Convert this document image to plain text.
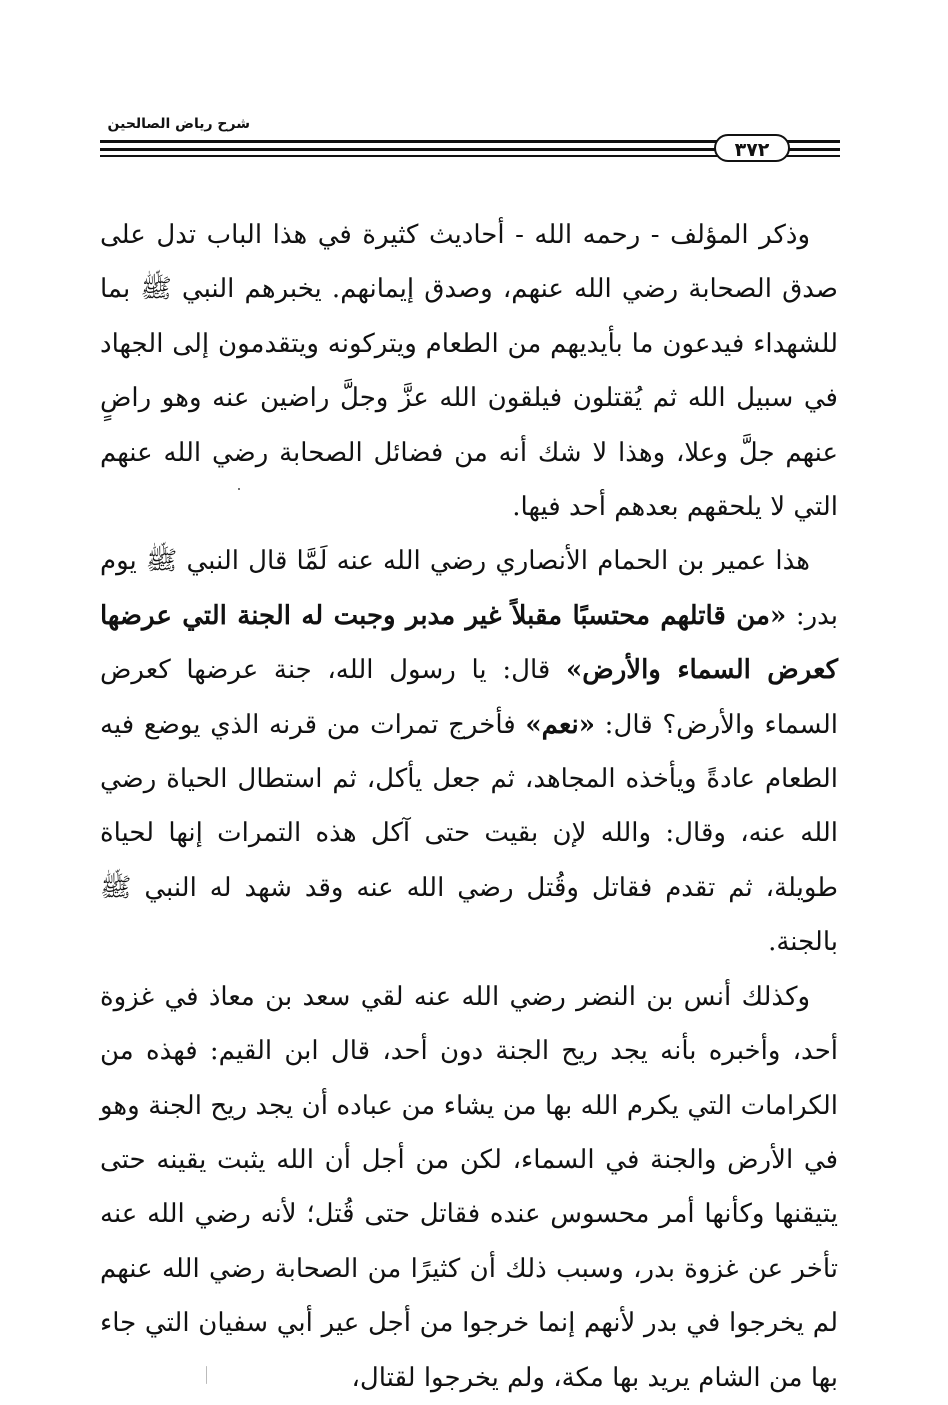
شرح رياض الصالحين
٣٧٢

وذكر المؤلف - رحمه الله - أحاديث كثيرة في هذا الباب تدل على صدق الصحابة رضي الله عنهم، وصدق إيمانهم. يخبرهم النبي ﷺ بما للشهداء فيدعون ما بأيديهم من الطعام ويتركونه ويتقدمون إلى الجهاد في سبيل الله ثم يُقتلون فيلقون الله عزَّ وجلَّ راضين عنه وهو راضٍ عنهم جلَّ وعلا، وهذا لا شك أنه من فضائل الصحابة رضي الله عنهم التي لا يلحقهم بعدهم أحد فيها.

هذا عمير بن الحمام الأنصاري رضي الله عنه لَمَّا قال النبي ﷺ يوم بدر: «من قاتلهم محتسبًا مقبلاً غير مدبر وجبت له الجنة التي عرضها كعرض السماء والأرض» قال: يا رسول الله، جنة عرضها كعرض السماء والأرض؟ قال: «نعم» فأخرج تمرات من قرنه الذي يوضع فيه الطعام عادةً ويأخذه المجاهد، ثم جعل يأكل، ثم استطال الحياة رضي الله عنه، وقال: والله لإن بقيت حتى آكل هذه التمرات إنها لحياة طويلة، ثم تقدم فقاتل وقُتل رضي الله عنه وقد شهد له النبي ﷺ بالجنة.

وكذلك أنس بن النضر رضي الله عنه لقي سعد بن معاذ في غزوة أحد، وأخبره بأنه يجد ريح الجنة دون أحد، قال ابن القيم: فهذه من الكرامات التي يكرم الله بها من يشاء من عباده أن يجد ريح الجنة وهو في الأرض والجنة في السماء، لكن من أجل أن الله يثبت يقينه حتى يتيقنها وكأنها أمر محسوس عنده فقاتل حتى قُتل؛ لأنه رضي الله عنه تأخر عن غزوة بدر، وسبب ذلك أن كثيرًا من الصحابة رضي الله عنهم لم يخرجوا في بدر لأنهم إنما خرجوا من أجل عير أبي سفيان التي جاء بها من الشام يريد بها مكة، ولم يخرجوا لقتال،
